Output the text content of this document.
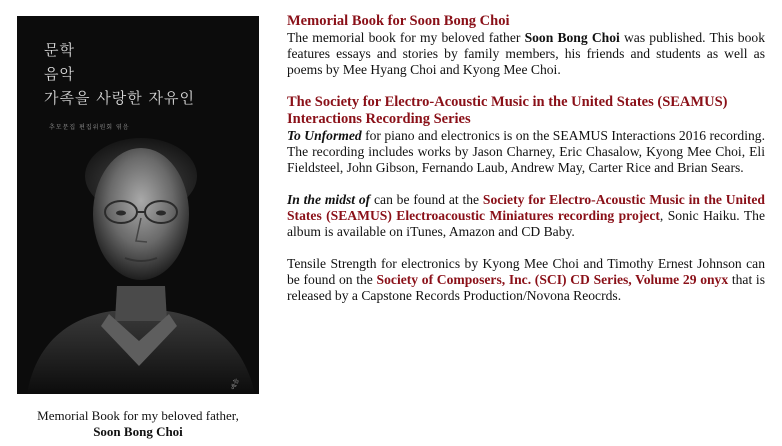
문학
음악
가족을 사랑한 자유인
추모문집 편집위원회 엮음
예솔
Memorial Book for my beloved father,
Soon Bong Choi
Memorial Book for Soon Bong Choi

The memorial book for my beloved father Soon Bong Choi was published. This book features essays and stories by family members, his friends and students as well as poems by Mee Hyang Choi and Kyong Mee Choi.

The Society for Electro-Acoustic Music in the United States (SEAMUS) Interactions Recording Series

To Unformed for piano and electronics is on the SEAMUS Interactions 2016 recording. The recording includes works by Jason Charney, Eric Chasalow, Kyong Mee Choi, Eli Fieldsteel, John Gibson, Fernando Laub, Andrew May, Carter Rice and Brian Sears.

In the midst of can be found at the Society for Electro-Acoustic Music in the United States (SEAMUS) Electroacoustic Miniatures recording project, Sonic Haiku. The album is available on iTunes, Amazon and CD Baby.

Tensile Strength for electronics by Kyong Mee Choi and Timothy Ernest Johnson can be found on the Society of Composers, Inc. (SCI) CD Series, Volume 29 onyx that is released by a Capstone Records Production/Novona Reocrds.
